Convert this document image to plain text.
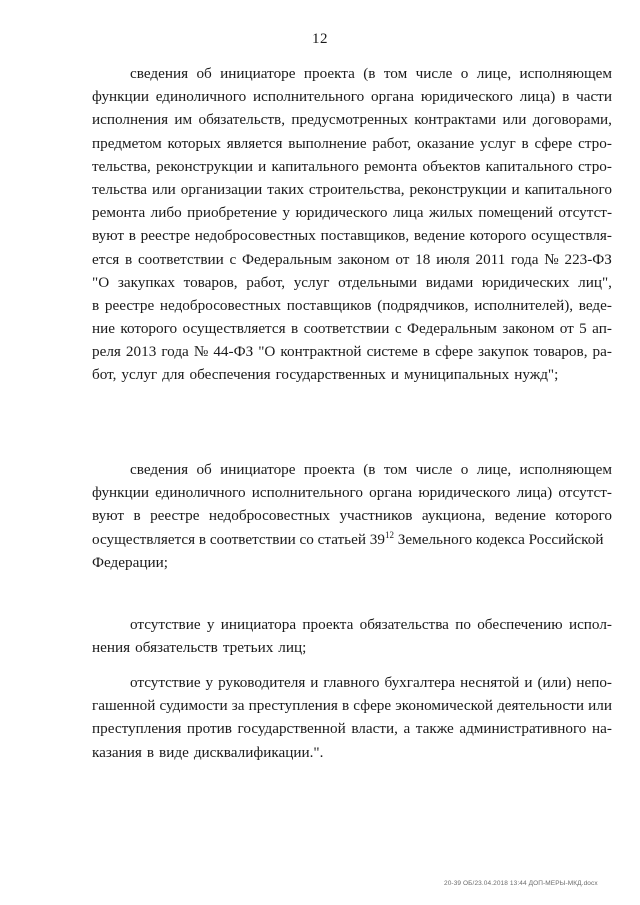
12
сведения об инициаторе проекта (в том числе о лице, исполняющем
функции единоличного исполнительного органа юридического лица) в части
исполнения им обязательств, предусмотренных контрактами или договорами,
предметом которых является выполнение работ, оказание услуг в сфере стро-
тельства, реконструкции и капитального ремонта объектов капитального стро-
тельства или организации таких строительства, реконструкции и капитального
ремонта либо приобретение у юридического лица жилых помещений отсутст-
вуют в реестре недобросовестных поставщиков, ведение которого осуществля-
ется в соответствии с Федеральным законом от 18 июля 2011 года № 223-ФЗ
"О закупках товаров, работ, услуг отдельными видами юридических лиц",
в реестре недобросовестных поставщиков (подрядчиков, исполнителей), веде-
ние которого осуществляется в соответствии с Федеральным законом от 5 ап-
реля 2013 года № 44-ФЗ "О контрактной системе в сфере закупок товаров, ра-
бот, услуг для обеспечения государственных и муниципальных нужд";
сведения об инициаторе проекта (в том числе о лице, исполняющем
функции единоличного исполнительного органа юридического лица) отсутст-
вуют в реестре недобросовестных участников аукциона, ведение которого
осуществляется в соответствии со статьей $39^{12}$ Земельного кодекса Российской
Федерации;
отсутствие у инициатора проекта обязательства по обеспечению испол-
нения обязательств третьих лиц;
отсутствие у руководителя и главного бухгалтера неснятой и (или) непо-
гашенной судимости за преступления в сфере экономической деятельности или
преступления против государственной власти, а также административного на-
казания в виде дисквалификации.".
20-39 ОБ/23.04.2018 13:44 ДОП-МЕРЫ-МКД.docx
